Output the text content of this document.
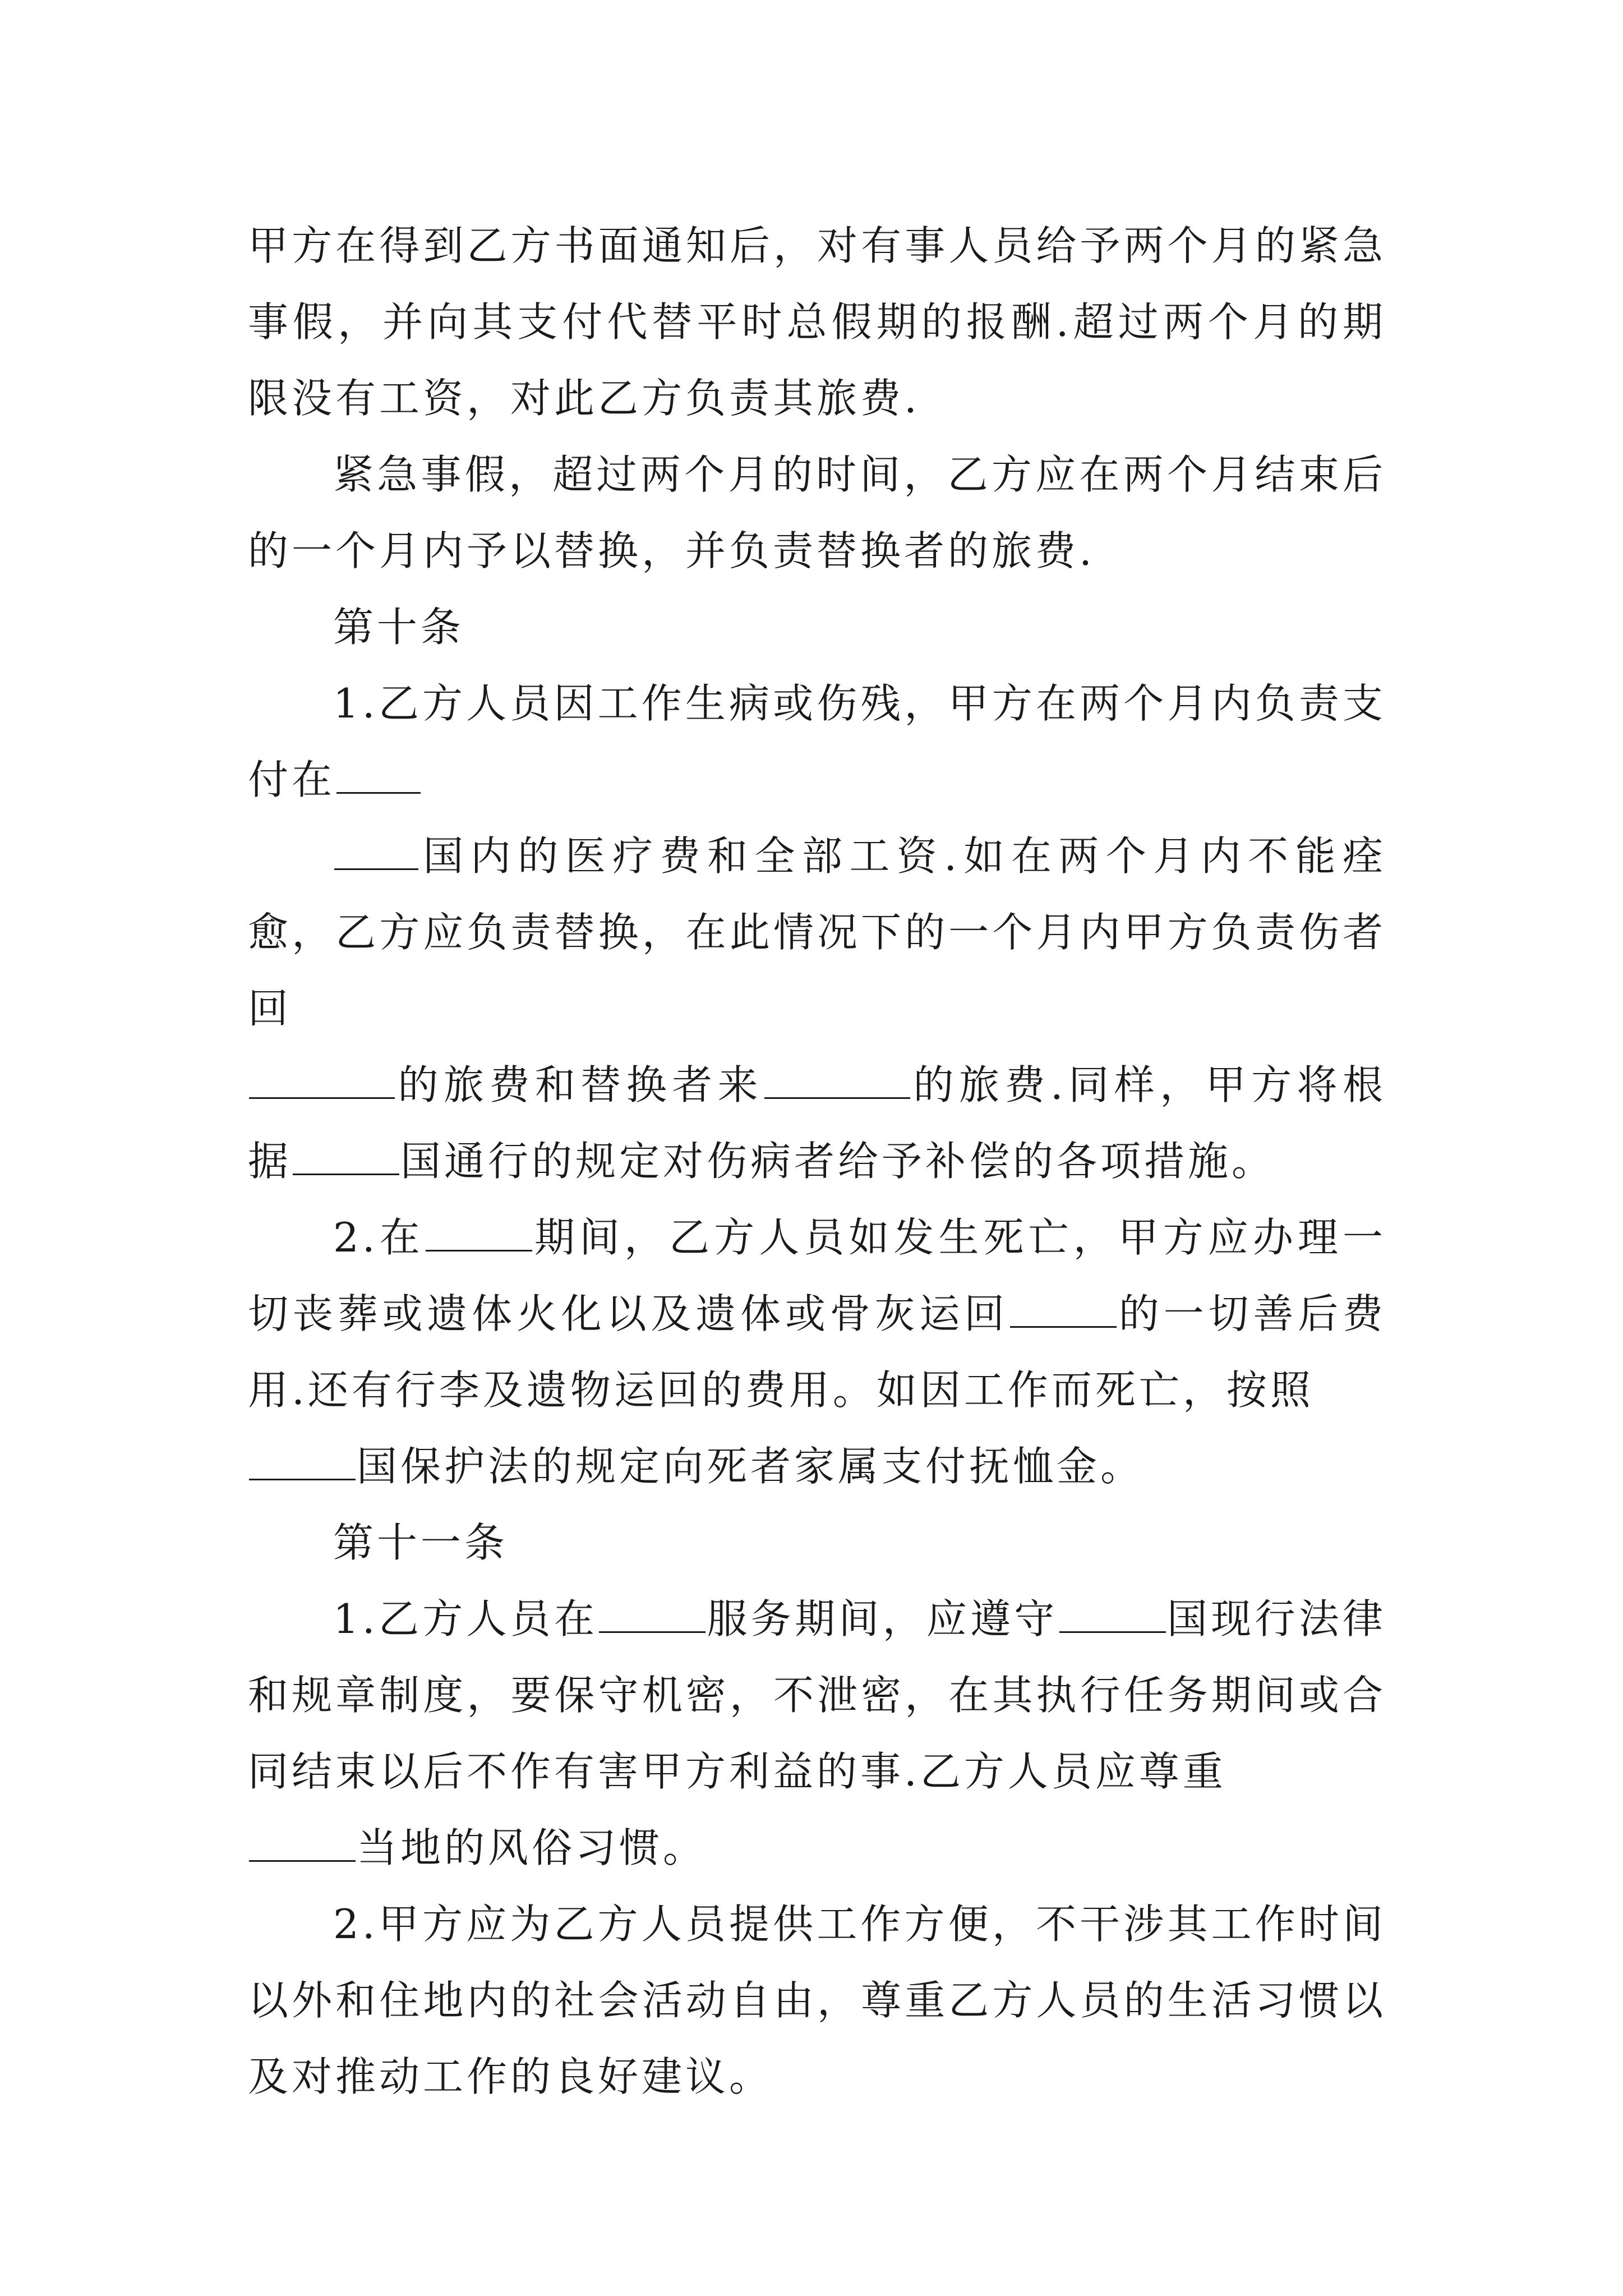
甲方在得到乙方书面通知后，对有事人员给予两个月的紧急事假，并向其支付代替平时总假期的报酬.超过两个月的期限没有工资，对此乙方负责其旅费.

紧急事假，超过两个月的时间，乙方应在两个月结束后的一个月内予以替换，并负责替换者的旅费.

第十条

1.乙方人员因工作生病或伤残，甲方在两个月内负责支付在

国内的医疗费和全部工资.如在两个月内不能痊愈，乙方应负责替换，在此情况下的一个月内甲方负责伤者回
的旅费和替换者来	的旅费.同样，甲方将根据	国通行的规定对伤病者给予补偿的各项措施。

2.在	期间，乙方人员如发生死亡，甲方应办理一切丧葬或遗体火化以及遗体或骨灰运回	的一切善后费用.还有行李及遗物运回的费用。如因工作而死亡，按照
国保护法的规定向死者家属支付抚恤金。

第十一条

1.乙方人员在	服务期间，应遵守	国现行法律和规章制度，要保守机密，不泄密，在其执行任务期间或合同结束以后不作有害甲方利益的事.乙方人员应尊重
当地的风俗习惯。

2.甲方应为乙方人员提供工作方便，不干涉其工作时间以外和住地内的社会活动自由，尊重乙方人员的生活习惯以及对推动工作的良好建议。
